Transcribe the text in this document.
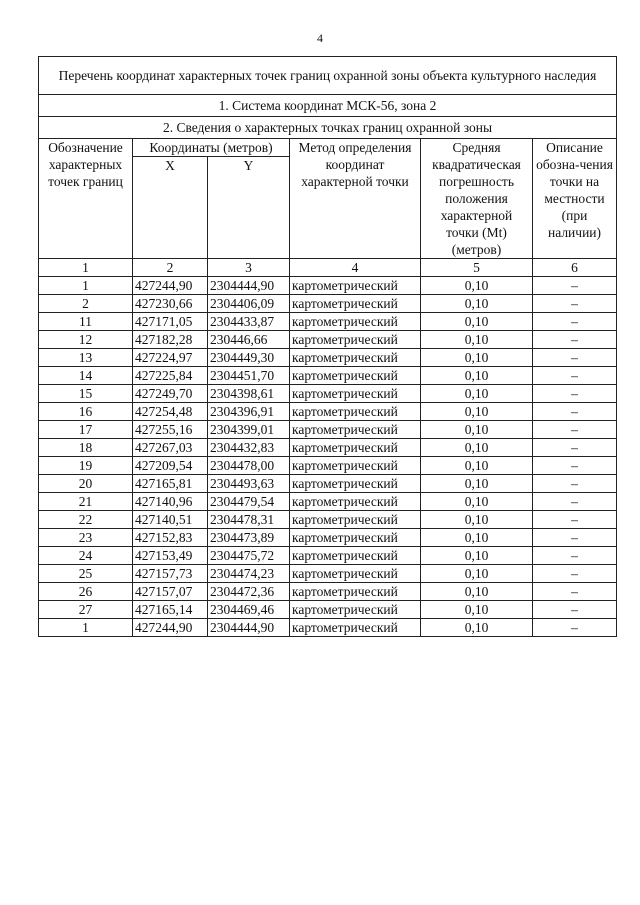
4
Перечень координат характерных точек границ охранной зоны объекта культурного наследия					
1. Система координат МСК-56, зона 2					
2. Сведения о характерных точках границ охранной зоны					
Обозначение характерных точек границ	Координаты (метров)		Метод определения координат характерной точки	Средняя квадратическая погрешность положения характерной точки (Mt) (метров)	Описание обозна-чения точки на местности (при наличии)
	X	Y			
1	2	3	4	5	6
1	427244,90	2304444,90	картометрический	0,10	–
2	427230,66	2304406,09	картометрический	0,10	–
11	427171,05	2304433,87	картометрический	0,10	–
12	427182,28	230446,66	картометрический	0,10	–
13	427224,97	2304449,30	картометрический	0,10	–
14	427225,84	2304451,70	картометрический	0,10	–
15	427249,70	2304398,61	картометрический	0,10	–
16	427254,48	2304396,91	картометрический	0,10	–
17	427255,16	2304399,01	картометрический	0,10	–
18	427267,03	2304432,83	картометрический	0,10	–
19	427209,54	2304478,00	картометрический	0,10	–
20	427165,81	2304493,63	картометрический	0,10	–
21	427140,96	2304479,54	картометрический	0,10	–
22	427140,51	2304478,31	картометрический	0,10	–
23	427152,83	2304473,89	картометрический	0,10	–
24	427153,49	2304475,72	картометрический	0,10	–
25	427157,73	2304474,23	картометрический	0,10	–
26	427157,07	2304472,36	картометрический	0,10	–
27	427165,14	2304469,46	картометрический	0,10	–
1	427244,90	2304444,90	картометрический	0,10	–
